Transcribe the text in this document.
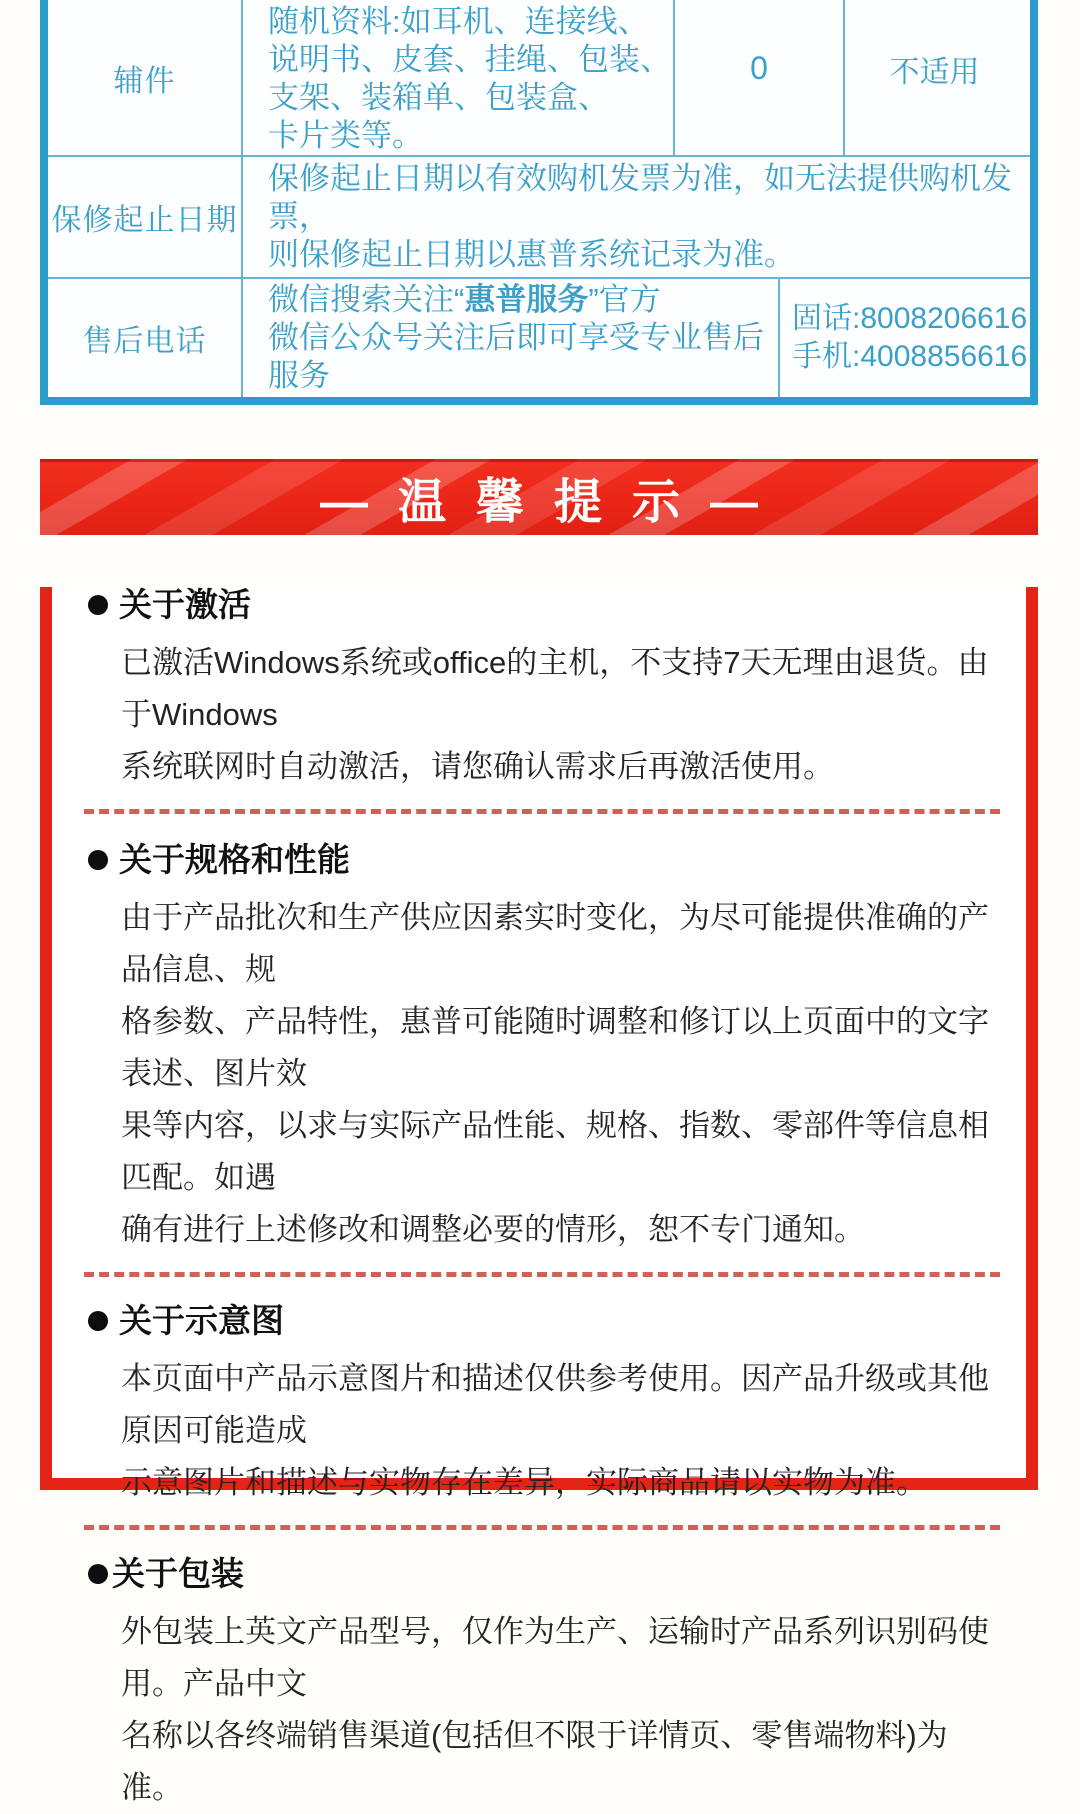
辅件
随机资料:如耳机、连接线、
说明书、皮套、挂绳、包装、
支架、装箱单、包装盒、
卡片类等。
0	不适用
保修起止日期
保修起止日期以有效购机发票为准，如无法提供购机发票，
则保修起止日期以惠普系统记录为准。
售后电话
微信搜索关注“惠普服务”官方
微信公众号关注后即可享受专业售后服务
固话:8008206616
手机:4008856616
—温馨提示—
关于激活
已激活Windows系统或office的主机，不支持7天无理由退货。由于Windows
系统联网时自动激活，请您确认需求后再激活使用。
关于规格和性能
由于产品批次和生产供应因素实时变化，为尽可能提供准确的产品信息、规
格参数、产品特性，惠普可能随时调整和修订以上页面中的文字表述、图片效
果等内容，以求与实际产品性能、规格、指数、零部件等信息相匹配。如遇
确有进行上述修改和调整必要的情形，恕不专门通知。
关于示意图
本页面中产品示意图片和描述仅供参考使用。因产品升级或其他原因可能造成
示意图片和描述与实物存在差异，实际商品请以实物为准。
关于包装
外包装上英文产品型号，仅作为生产、运输时产品系列识别码使用。产品中文
名称以各终端销售渠道(包括但不限于详情页、零售端物料)为准。
